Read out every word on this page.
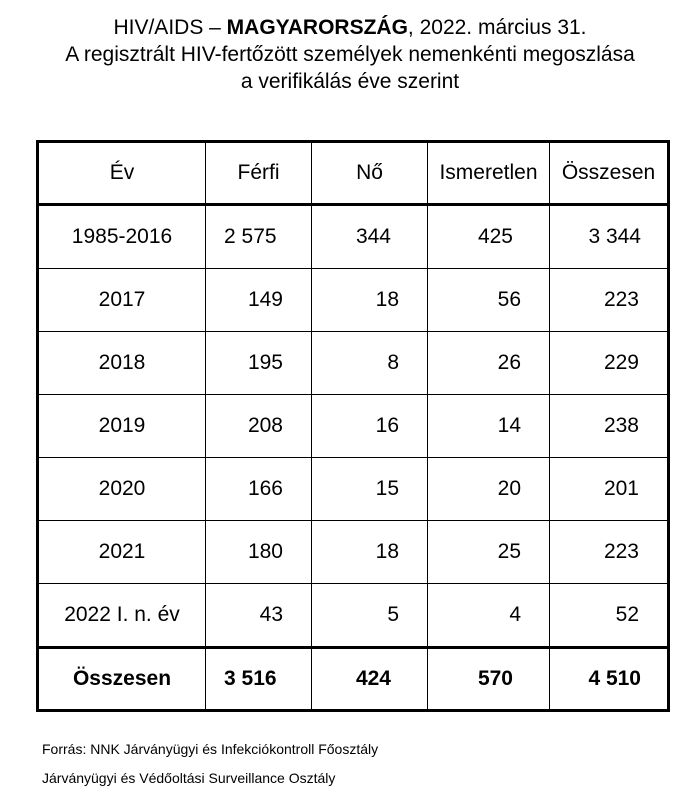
HIV/AIDS – MAGYARORSZÁG, 2022. március 31.
A regisztrált HIV-fertőzött személyek nemenkénti megoszlása
a verifikálás éve szerint
Év	Férfi	Nő	Ismeretlen	Összesen
1985-2016	2 575	344	425	3 344
2017	149	18	56	223
2018	195	8	26	229
2019	208	16	14	238
2020	166	15	20	201
2021	180	18	25	223
2022 I. n. év	43	5	4	52
Összesen	3 516	424	570	4 510
Forrás: NNK Járványügyi és Infekciókontroll Főosztály
Járványügyi és Védőoltási Surveillance Osztály
